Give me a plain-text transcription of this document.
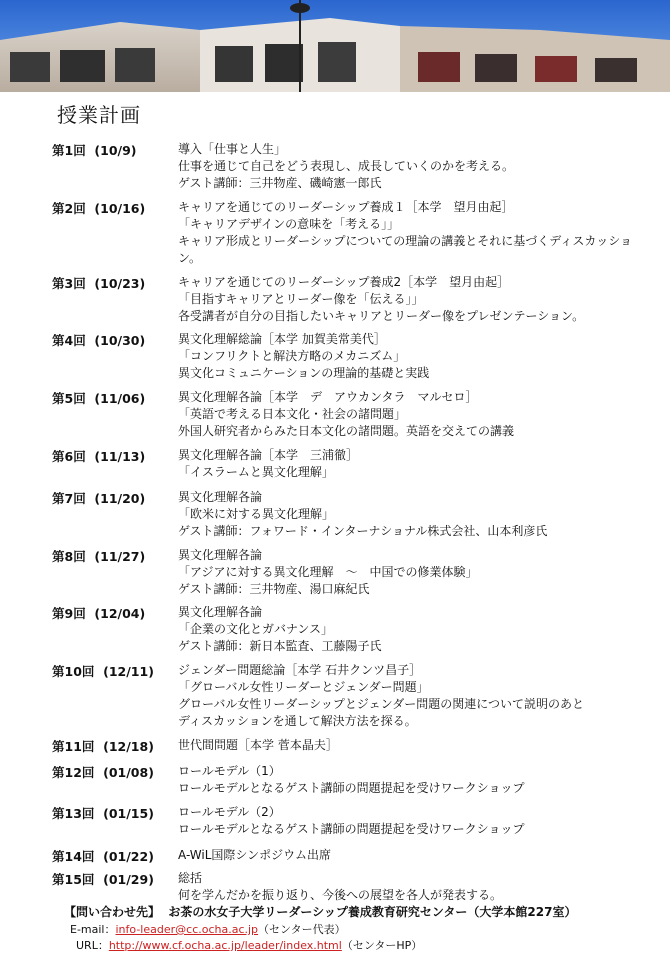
授業計画
第1回 (10/9)	導入「仕事と人生」
仕事を通じて自己をどう表現し、成長していくのかを考える。
ゲスト講師：三井物産、磯崎憲一郎氏
第2回 (10/16)	キャリアを通じてのリーダーシップ養成１［本学　望月由起］
「キャリアデザインの意味を「考える」」
キャリア形成とリーダーシップについての理論の講義とそれに基づくディスカッション。
第3回 (10/23)	キャリアを通じてのリーダーシップ養成2［本学　望月由起］
「目指すキャリアとリーダー像を「伝える」」
各受講者が自分の目指したいキャリアとリーダー像をプレゼンテーション。
第4回 (10/30)	異文化理解総論［本学 加賀美常美代］
「コンフリクトと解決方略のメカニズム」
異文化コミュニケーションの理論的基礎と実践
第5回 (11/06)	異文化理解各論［本学　デ　アウカンタラ　マルセロ］
「英語で考える日本文化・社会の諸問題」
外国人研究者からみた日本文化の諸問題。英語を交えての講義
第6回 (11/13)	異文化理解各論［本学　三浦徹］
「イスラームと異文化理解」
第7回 (11/20)	異文化理解各論
「欧米に対する異文化理解」
ゲスト講師：フォワード・インターナショナル株式会社、山本利彦氏
第8回 (11/27)	異文化理解各論
「アジアに対する異文化理解　～　中国での修業体験」
ゲスト講師：三井物産、湯口麻紀氏
第9回 (12/04)	異文化理解各論
「企業の文化とガバナンス」
ゲスト講師：新日本監査、工藤陽子氏
第10回 (12/11) ジェンダー問題総論［本学 石井クンツ昌子］
「グローバル女性リーダーとジェンダー問題」
グローバル女性リーダーシップとジェンダー問題の関連について説明のあと
ディスカッションを通して解決方法を探る。
第11回 (12/18) 世代間問題［本学 菅本晶夫］
第12回 (01/08) ロールモデル（1）
ロールモデルとなるゲスト講師の問題提起を受けワークショップ
第13回 (01/15) ロールモデル（2）
ロールモデルとなるゲスト講師の問題提起を受けワークショップ
第14回 (01/22) A-WiL国際シンポジウム出席
第15回 (01/29) 総括
何を学んだかを振り返り、今後への展望を各人が発表する。
【問い合わせ先】 お茶の水女子大学リーダーシップ養成教育研究センター（大学本館227室）
E-mail：info-leader@cc.ocha.ac.jp（センター代表）
URL：http://www.cf.ocha.ac.jp/leader/index.html（センターHP）
